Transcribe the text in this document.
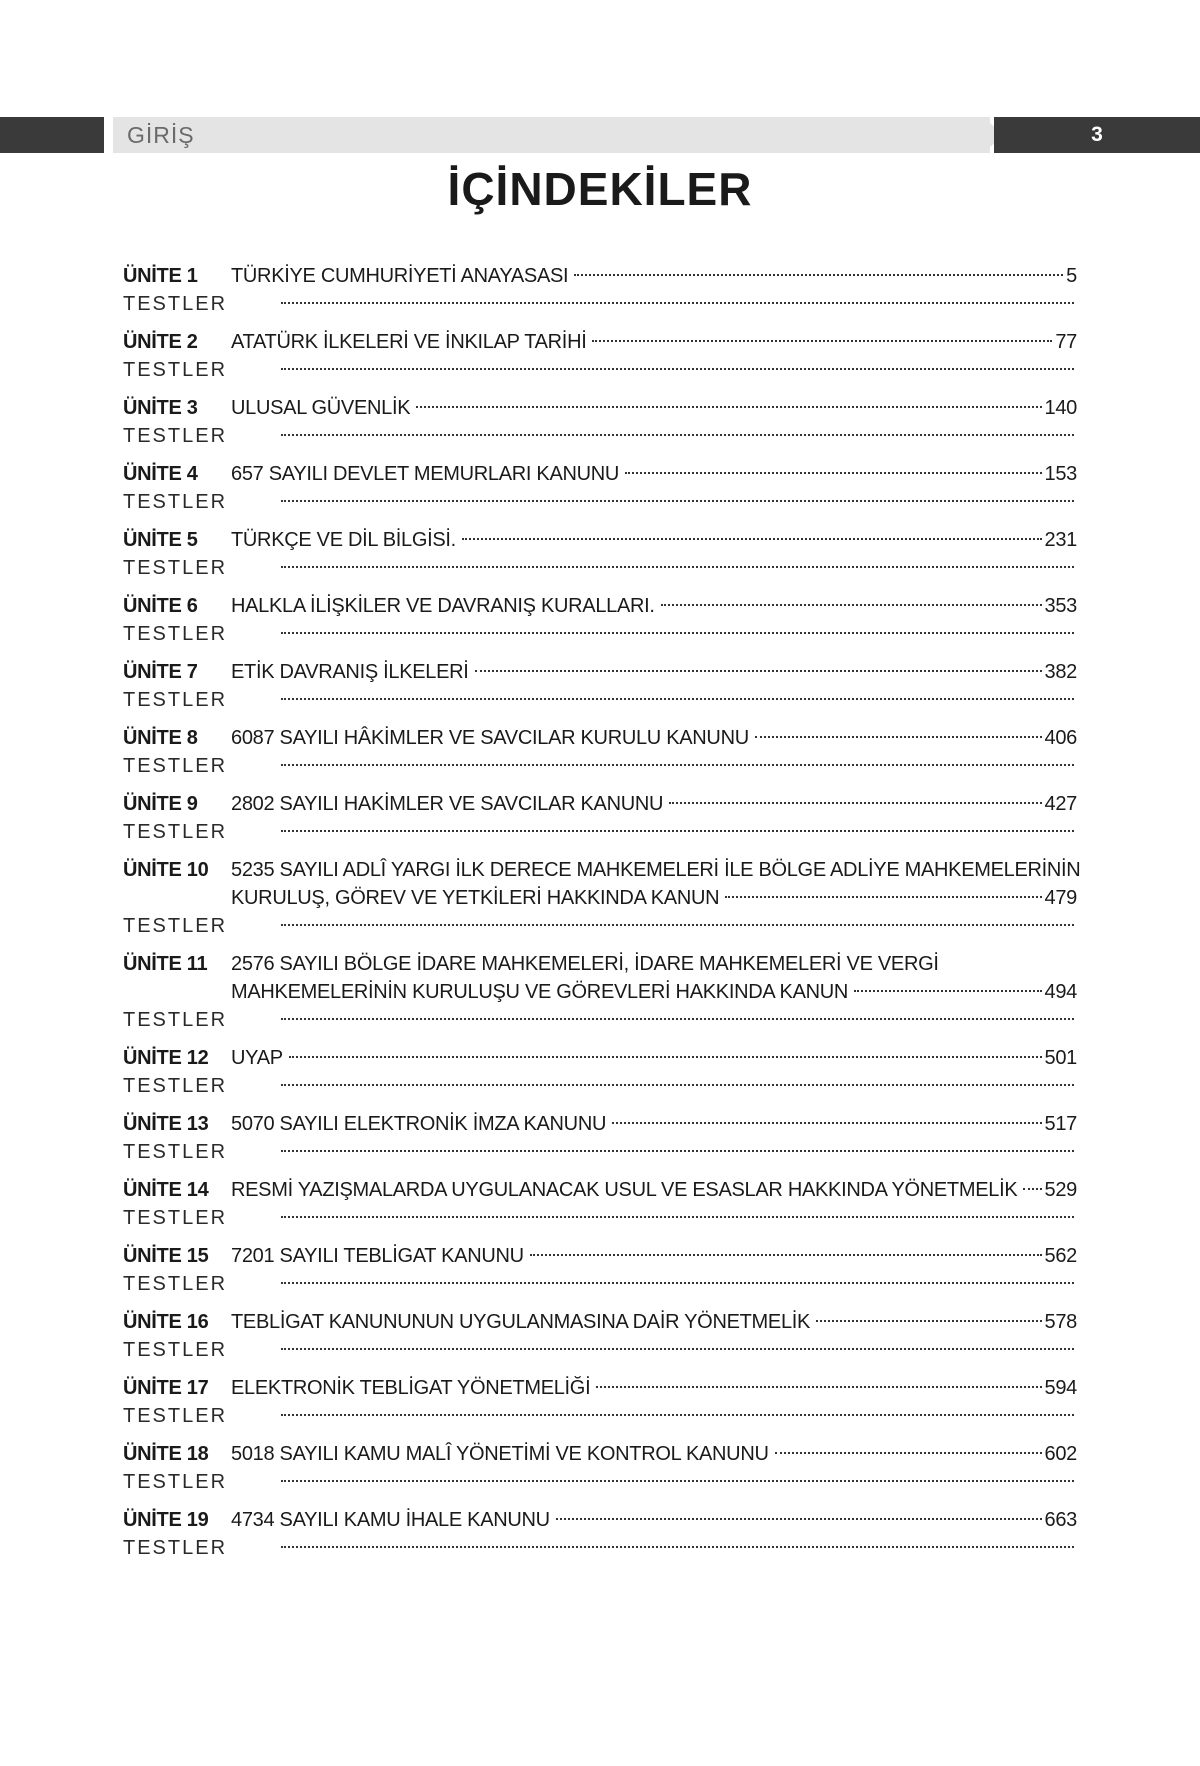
GİRİŞ	3
İÇİNDEKİLER
ÜNİTE 1	TÜRKİYE CUMHURİYETİ ANAYASASI	5
TESTLER
ÜNİTE 2	ATATÜRK İLKELERİ VE İNKILAP TARİHİ	77
TESTLER
ÜNİTE 3	ULUSAL GÜVENLİK	140
TESTLER
ÜNİTE 4	657 SAYILI DEVLET MEMURLARI KANUNU	153
TESTLER
ÜNİTE 5	TÜRKÇE VE DİL BİLGİSİ.	231
TESTLER
ÜNİTE 6	HALKLA İLİŞKİLER VE DAVRANIŞ KURALLARI.	353
TESTLER
ÜNİTE 7	ETİK DAVRANIŞ İLKELERİ	382
TESTLER
ÜNİTE 8	6087 SAYILI HÂKİMLER VE SAVCILAR KURULU KANUNU	406
TESTLER
ÜNİTE 9	2802 SAYILI HAKİMLER VE SAVCILAR KANUNU	427
TESTLER
ÜNİTE 10	5235 SAYILI ADLÎ YARGI İLK DERECE MAHKEMELERİ İLE BÖLGE ADLİYE MAHKEMELERİNİN
KURULUŞ, GÖREV VE YETKİLERİ HAKKINDA KANUN	479
TESTLER
ÜNİTE 11	2576 SAYILI BÖLGE İDARE MAHKEMELERİ, İDARE MAHKEMELERİ VE VERGİ
MAHKEMELERİNİN KURULUŞU VE GÖREVLERİ HAKKINDA KANUN	494
TESTLER
ÜNİTE 12	UYAP	501
TESTLER
ÜNİTE 13	5070 SAYILI ELEKTRONİK İMZA KANUNU	517
TESTLER
ÜNİTE 14	RESMİ YAZIŞMALARDA UYGULANACAK USUL VE ESASLAR HAKKINDA YÖNETMELİK 529
TESTLER
ÜNİTE 15	7201 SAYILI TEBLİGAT KANUNU	562
TESTLER
ÜNİTE 16	TEBLİGAT KANUNUNUN UYGULANMASINA DAİR YÖNETMELİK	578
TESTLER
ÜNİTE 17	ELEKTRONİK TEBLİGAT YÖNETMELİĞİ	594
TESTLER
ÜNİTE 18	5018 SAYILI KAMU MALÎ YÖNETİMİ VE KONTROL KANUNU	602
TESTLER
ÜNİTE 19	4734 SAYILI KAMU İHALE KANUNU	663
TESTLER
